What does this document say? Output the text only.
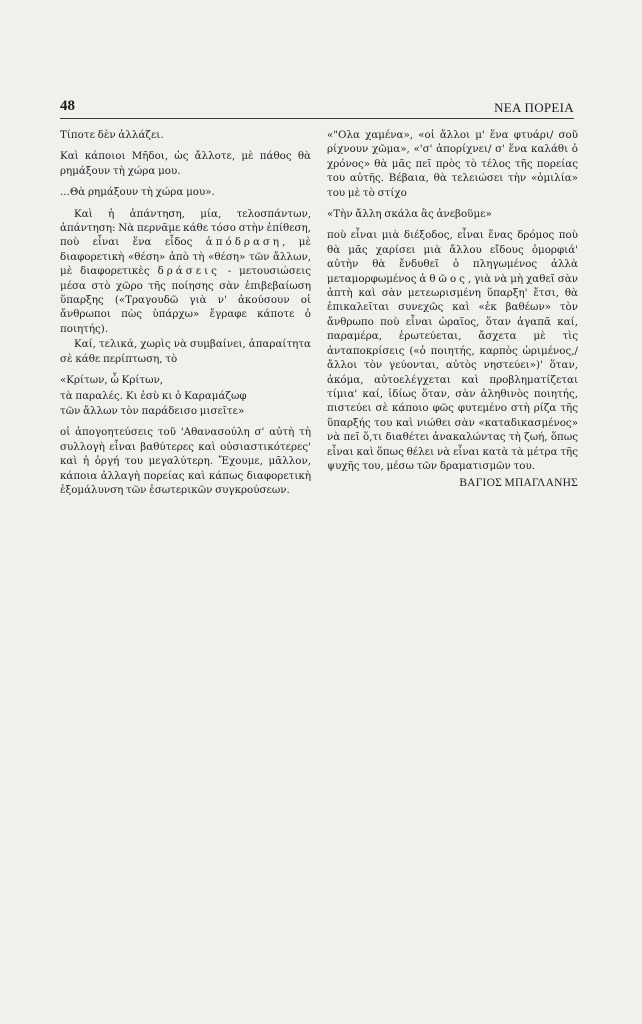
48	ΝΕΑ ΠΟΡΕΙΑ

Τίποτε δὲν ἀλλάζει.

Καὶ κάποιοι Μῆδοι, ὡς ἄλλοτε, μὲ πάθος θὰ ρημάξουν τὴ χώρα μου.

...Θὰ ρημάξουν τὴ χώρα μου».

Καὶ ἡ ἀπάντηση, μία, τελοσπάντων, ἀπάντηση: Νὰ περνᾶμε κάθε τόσο στὴν ἐπίθεση, ποὺ εἶναι ἕνα εἶδος ἀπόδραση, μὲ διαφορετικὴ «θέση» ἀπὸ τὴ «θέση» τῶν ἄλλων, μὲ διαφορετικὲς δράσεις - μετουσιώσεις μέσα στὸ χῶρο τῆς ποίησης σὰν ἐπιβεβαίωση ὕπαρξης («Τραγουδῶ γιὰ ν' ἀκούσουν οἱ ἄνθρωποι πὼς ὑπάρχω» ἔγραφε κάποτε ὁ ποιητής).

Καί, τελικά, χωρὶς νὰ συμβαίνει, ἀπαραίτητα σὲ κάθε περίπτωση, τὸ

«Κρίτων, ὦ Κρίτων,

τὰ παραλές. Κι ἐσὺ κι ὁ Καραμάζωφ

τῶν ἄλλων τὸν παράδεισο μισεῖτε»

οἱ ἀπογοητεύσεις τοῦ 'Αθανασούλη σ' αὐτὴ τὴ συλλογὴ εἶναι βαθύτερες καὶ οὐσιαστικότερες' καὶ ἡ ὀργή του μεγαλύτερη. Ἔχουμε, μᾶλλον, κάποια ἀλλαγὴ πορείας καὶ κάπως διαφορετικὴ ἐξομάλυνση τῶν ἐσωτερικῶν συγκρούσεων.

«"Ολα χαμένα», «οἱ ἄλλοι μ' ἕνα φτυάρι/ σοῦ ρίχνουν χῶμα», «'σ' ἀπορίχνει/ σ' ἕνα καλάθι ὁ χρόνος» θὰ μᾶς πεῖ πρὸς τὸ τέλος τῆς πορείας του αὐτῆς. Βέβαια, θὰ τελειώσει τὴν «ὁμιλία» του μὲ τὸ στίχο

«Τὴν ἄλλη σκάλα ἂς ἀνεβοῦμε»

ποὺ εἶναι μιὰ διέξοδος, εἶναι ἕνας δρόμος ποὺ θὰ μᾶς χαρίσει μιὰ ἄλλου εἴδους ὀμορφιά' αὐτὴν θὰ ἔνδυθεῖ ὁ πληγωμένος ἀλλὰ μεταμορφωμένος ἀθῶος, γιὰ νὰ μὴ χαθεῖ σὰν ἀπτὴ καὶ σὰν μετεωρισμένη ὕπαρξη' ἔτσι, θὰ ἐπικαλεῖται συνεχῶς καὶ «ἐκ βαθέων» τὸν ἄνθρωπο ποὺ εἶναι ὡραῖος, ὅταν ἀγαπᾶ καί, παραμέρα, ἐρωτεύεται, ἄσχετα μὲ τὶς ἀνταποκρίσεις («ὁ ποιητής, καρπὸς ὡριμένος,/ ἄλλοι τὸν γεύονται, αὐτὸς νηστεύει»)' ὅταν, ἀκόμα, αὐτοελέγχεται καὶ προβληματίζεται τίμια' καί, ἰδίως ὅταν, σὰν ἀληθινὸς ποιητής, πιστεύει σὲ κάποιο φῶς φυτεμένο στὴ ρίζα τῆς ὕπαρξής του καὶ νιώθει σὰν «καταδικασμένος» νὰ πεῖ ὅ,τι διαθέτει ἀνακαλώντας τὴ ζωή, ὅπως εἶναι καὶ ὅπως θέλει νὰ εἶναι κατὰ τὰ μέτρα τῆς ψυχῆς του, μέσω τῶν δραματισμῶν του.

ΒΑΓΙΟΣ ΜΠΑΓΛΑΝΗΣ
